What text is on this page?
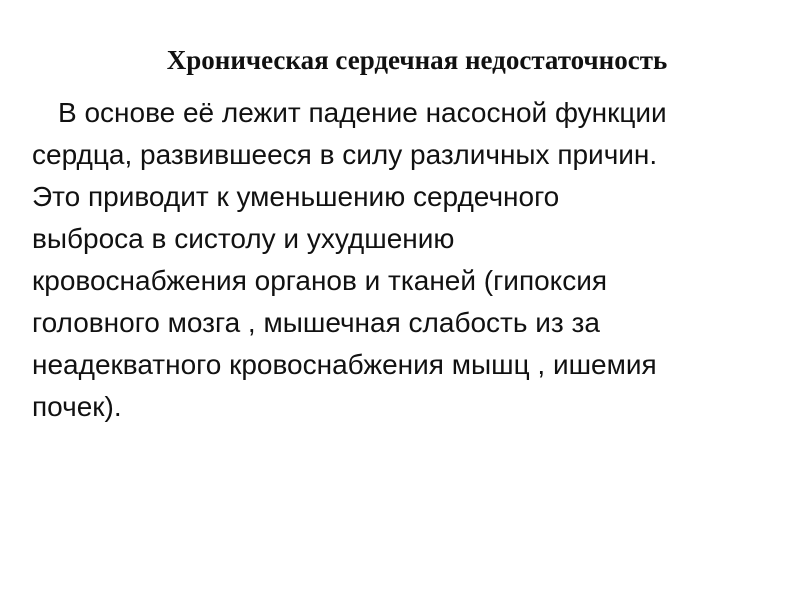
Хроническая сердечная недостаточность
В основе её лежит падение насосной функции
сердца, развившееся в силу различных причин.
Это приводит к уменьшению сердечного
выброса в систолу и ухудшению
кровоснабжения органов и тканей (гипоксия
головного мозга , мышечная слабость из за
неадекватного кровоснабжения мышц , ишемия
почек).
